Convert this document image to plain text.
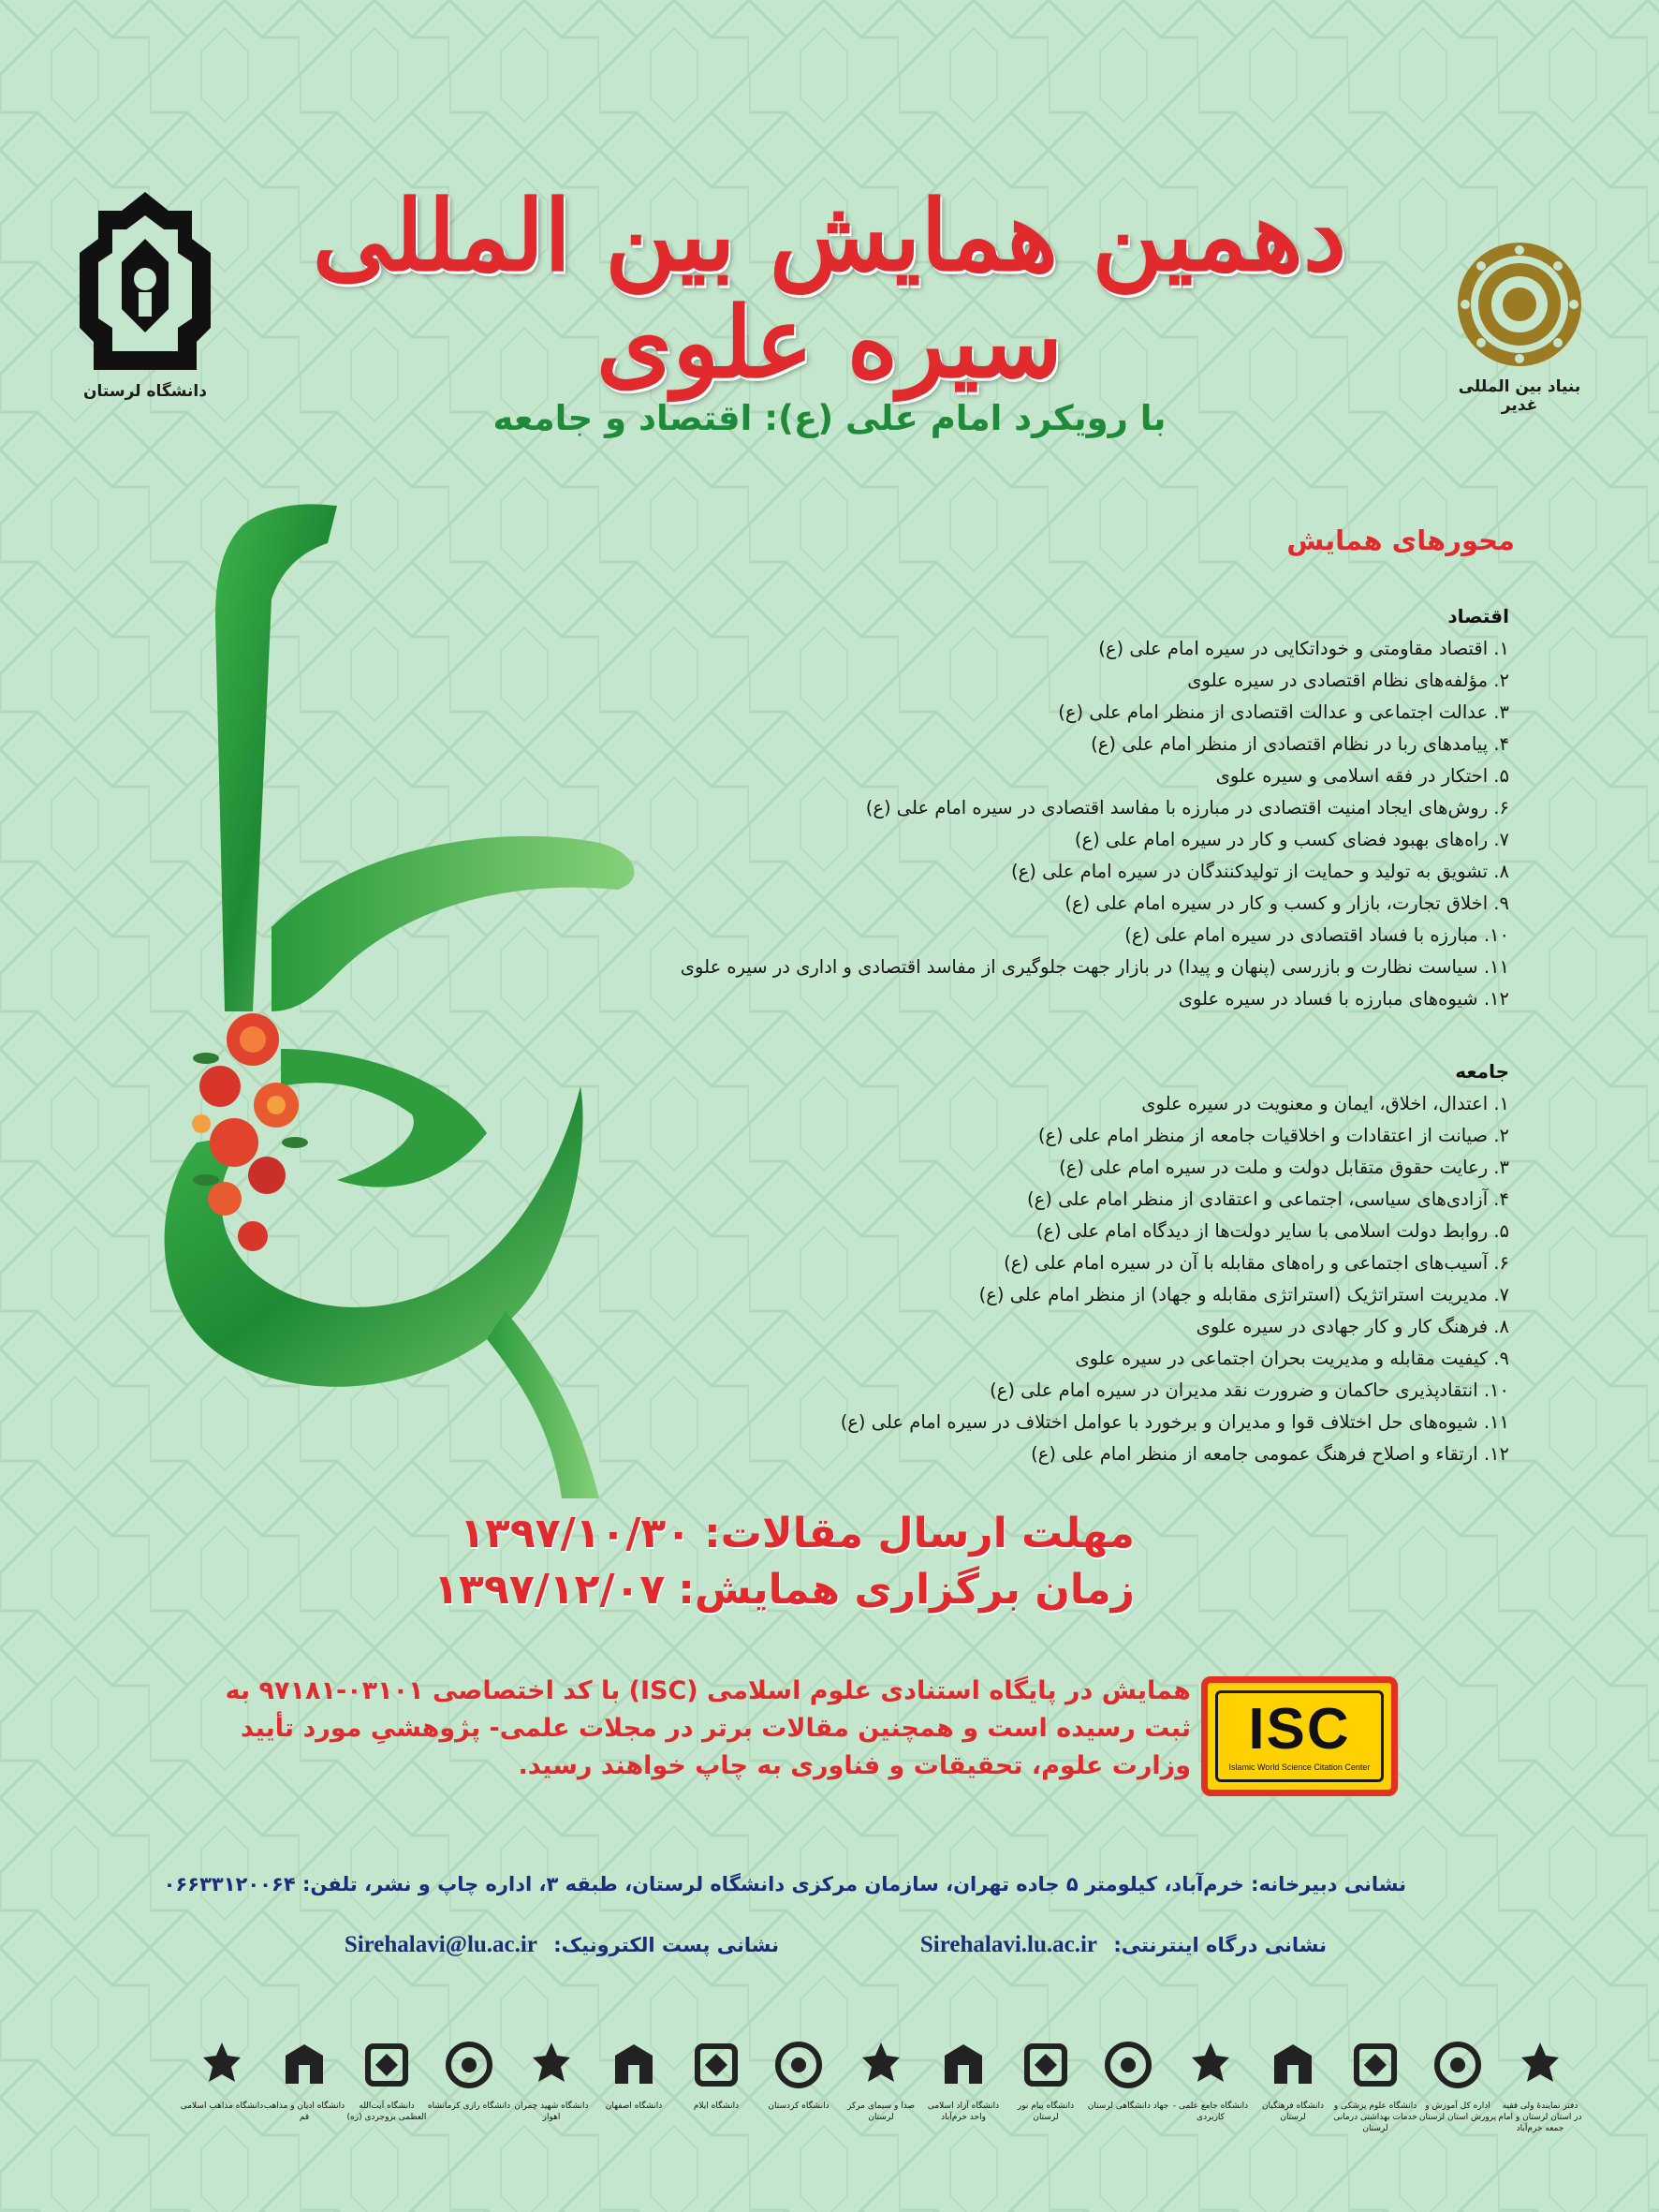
دانشگاه لرستان	بنیاد بین المللی غدیر
دهمین همایش بین المللی سیره علوی
با رویکرد امام علی (ع): اقتصاد و جامعه
محورهای همایش
اقتصاد
۱. اقتصاد مقاومتی و خوداتکایی در سیره امام علی (ع)
۲. مؤلفه‌های نظام اقتصادی در سیره علوی
۳. عدالت اجتماعی و عدالت اقتصادی از منظر امام علی (ع)
۴. پیامدهای ربا در نظام اقتصادی از منظر امام علی (ع)
۵. احتکار در فقه اسلامی و سیره علوی
۶. روش‌های ایجاد امنیت اقتصادی در مبارزه با مفاسد اقتصادی در سیره امام علی (ع)
۷. راه‌های بهبود فضای کسب و کار در سیره امام علی (ع)
۸. تشویق به تولید و حمایت از تولیدکنندگان در سیره امام علی (ع)
۹. اخلاق تجارت، بازار و کسب و کار در سیره امام علی (ع)
۱۰. مبارزه با فساد اقتصادی در سیره امام علی (ع)
۱۱. سیاست نظارت و بازرسی (پنهان و پیدا) در بازار جهت جلوگیری از مفاسد اقتصادی و اداری در سیره علوی
۱۲. شیوه‌های مبارزه با فساد در سیره علوی
جامعه
۱. اعتدال، اخلاق، ایمان و معنویت در سیره علوی
۲. صیانت از اعتقادات و اخلاقیات جامعه از منظر امام علی (ع)
۳. رعایت حقوق متقابل دولت و ملت در سیره امام علی (ع)
۴. آزادی‌های سیاسی، اجتماعی و اعتقادی از منظر امام علی (ع)
۵. روابط دولت اسلامی با سایر دولت‌ها از دیدگاه امام علی (ع)
۶. آسیب‌های اجتماعی و راه‌های مقابله با آن در سیره امام علی (ع)
۷. مدیریت استراتژیک (استراتژی مقابله و جهاد) از منظر امام علی (ع)
۸. فرهنگ کار و کار جهادی در سیره علوی
۹. کیفیت مقابله و مدیریت بحران اجتماعی در سیره علوی
۱۰. انتقادپذیری حاکمان و ضرورت نقد مدیران در سیره امام علی (ع)
۱۱. شیوه‌های حل اختلاف قوا و مدیران و برخورد با عوامل اختلاف در سیره امام علی (ع)
۱۲. ارتقاء و اصلاح فرهنگ عمومی جامعه از منظر امام علی (ع)
مهلت ارسال مقالات:۱۳۹۷/۱۰/۳۰
زمان برگزاری همایش:۱۳۹۷/۱۲/۰۷
ISC
Islamic World Science Citation Center
همایش در پایگاه استنادی علوم اسلامی (ISC) با کد اختصاصی ۰۳۱۰۱-۹۷۱۸۱ به
ثبت رسیده است و همچنین مقالات برتر در مجلات علمی- پژوهشیِ مورد تأیید
وزارت علوم، تحقیقات و فناوری به چاپ خواهند رسید.
نشانی دبیرخانه: خرم‌آباد، کیلومتر ۵ جاده تهران، سازمان مرکزی دانشگاه لرستان، طبقه ۳، اداره چاپ و نشر، تلفن: ۰۶۶۳۳۱۲۰۰۶۴
نشانی درگاه اینترنتی: Sirehalavi.lu.ac.ir
نشانی پست الکترونیک: Sirehalavi@lu.ac.ir
دفتر نمایندهٔ ولی فقیه در استان لرستان و امام جمعه خرم‌آباد
اداره کل آموزش و پرورش استان لرستان
دانشگاه علوم پزشکی و خدمات بهداشتی درمانی لرستان
دانشگاه فرهنگیان لرستان
دانشگاه جامع علمی - کاربردی
جهاد دانشگاهی لرستان
دانشگاه پیام نور لرستان
دانشگاه آزاد اسلامی واحد خرم‌آباد
صدا و سیمای مرکز لرستان
دانشگاه کردستان
دانشگاه ایلام
دانشگاه اصفهان
دانشگاه شهید چمران اهواز
دانشگاه رازی کرمانشاه
دانشگاه آیت‌الله العظمی بروجردی (ره)
دانشگاه ادیان و مذاهب قم
دانشگاه مذاهب اسلامی
